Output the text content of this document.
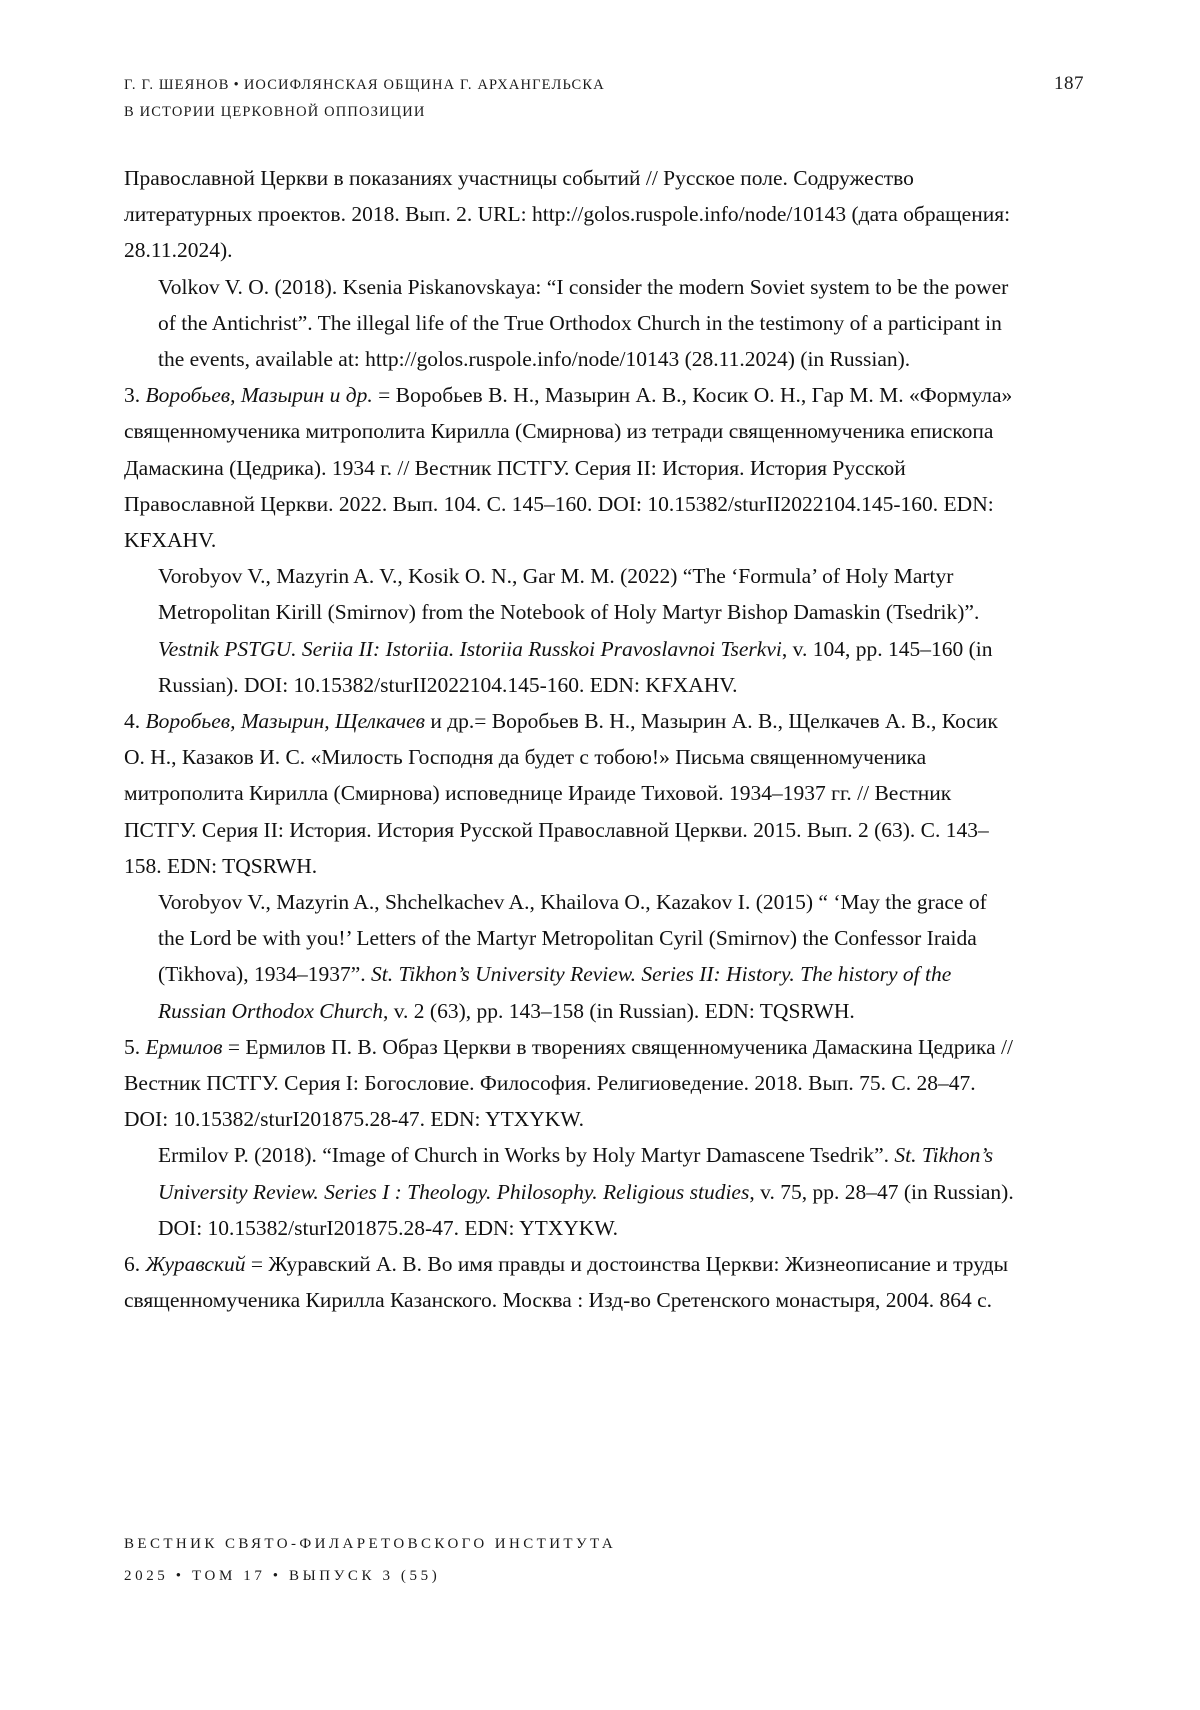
Г. Г. ШЕЯНОВ • ИОСИФЛЯНСКАЯ ОБЩИНА Г. АРХАНГЕЛЬСКА
В ИСТОРИИ ЦЕРКОВНОЙ ОППОЗИЦИИ
187

Православной Церкви в показаниях участницы событий // Русское поле. Содружество литературных проектов. 2018. Вып. 2. URL: http://golos.ruspole.info/node/10143 (дата обращения: 28.11.2024).

Volkov V. O. (2018). Ksenia Piskanovskaya: “I consider the modern Soviet system to be the power of the Antichrist”. The illegal life of the True Orthodox Church in the testimony of a participant in the events, available at: http://golos.ruspole.info/node/10143 (28.11.2024) (in Russian).

3. Воробьев, Мазырин и др. = Воробьев В. Н., Мазырин А. В., Косик О. Н., Гар М. М. «Формула» священномученика митрополита Кирилла (Смирнова) из тетради священномученика епископа Дамаскина (Цедрика). 1934 г. // Вестник ПСТГУ. Серия II: История. История Русской Православной Церкви. 2022. Вып. 104. С. 145–160. DOI: 10.15382/sturII2022104.145-160. EDN: KFXAHV.

Vorobyov V., Mazyrin A. V., Kosik O. N., Gar M. M. (2022) “The ‘Formula’ of Holy Martyr Metropolitan Kirill (Smirnov) from the Notebook of Holy Martyr Bishop Damaskin (Tsedrik)”. Vestnik PSTGU. Seriia II: Istoriia. Istoriia Russkoi Pravoslavnoi Tserkvi, v. 104, pp. 145–160 (in Russian). DOI: 10.15382/sturII2022104.145-160. EDN: KFXAHV.

4. Воробьев, Мазырин, Щелкачев и др.= Воробьев В. Н., Мазырин А. В., Щелкачев А. В., Косик О. Н., Казаков И. С. «Милость Господня да будет с тобою!» Письма священномученика митрополита Кирилла (Смирнова) исповеднице Ираиде Тиховой. 1934–1937 гг. // Вестник ПСТГУ. Серия II: История. История Русской Православной Церкви. 2015. Вып. 2 (63). С. 143–158. EDN: TQSRWH.

Vorobyov V., Mazyrin A., Shchelkachev A., Khailova O., Kazakov I. (2015) “ ‘May the grace of the Lord be with you!’ Letters of the Martyr Metropolitan Cyril (Smirnov) the Confessor Iraida (Tikhova), 1934–1937”. St. Tikhon’s University Review. Series II: History. The history of the Russian Orthodox Church, v. 2 (63), pp. 143–158 (in Russian). EDN: TQSRWH.

5. Ермилов = Ермилов П. В. Образ Церкви в творениях священномученика Дамаскина Цедрика // Вестник ПСТГУ. Серия I: Богословие. Философия. Религиоведение. 2018. Вып. 75. С. 28–47. DOI: 10.15382/sturI201875.28-47. EDN: YTXYKW.

Ermilov P. (2018). “Image of Church in Works by Holy Martyr Damascene Tsedrik”. St. Tikhon’s University Review. Series I : Theology. Philosophy. Religious studies, v. 75, pp. 28–47 (in Russian). DOI: 10.15382/sturI201875.28-47. EDN: YTXYKW.

6. Журавский = Журавский А. В. Во имя правды и достоинства Церкви: Жизнеописание и труды священномученика Кирилла Казанского. Москва : Изд-во Сретенского монастыря, 2004. 864 с.

ВЕСТНИК СВЯТО-ФИЛАРЕТОВСКОГО ИНСТИТУТА
2025 • ТОМ 17 • ВЫПУСК 3 (55)
